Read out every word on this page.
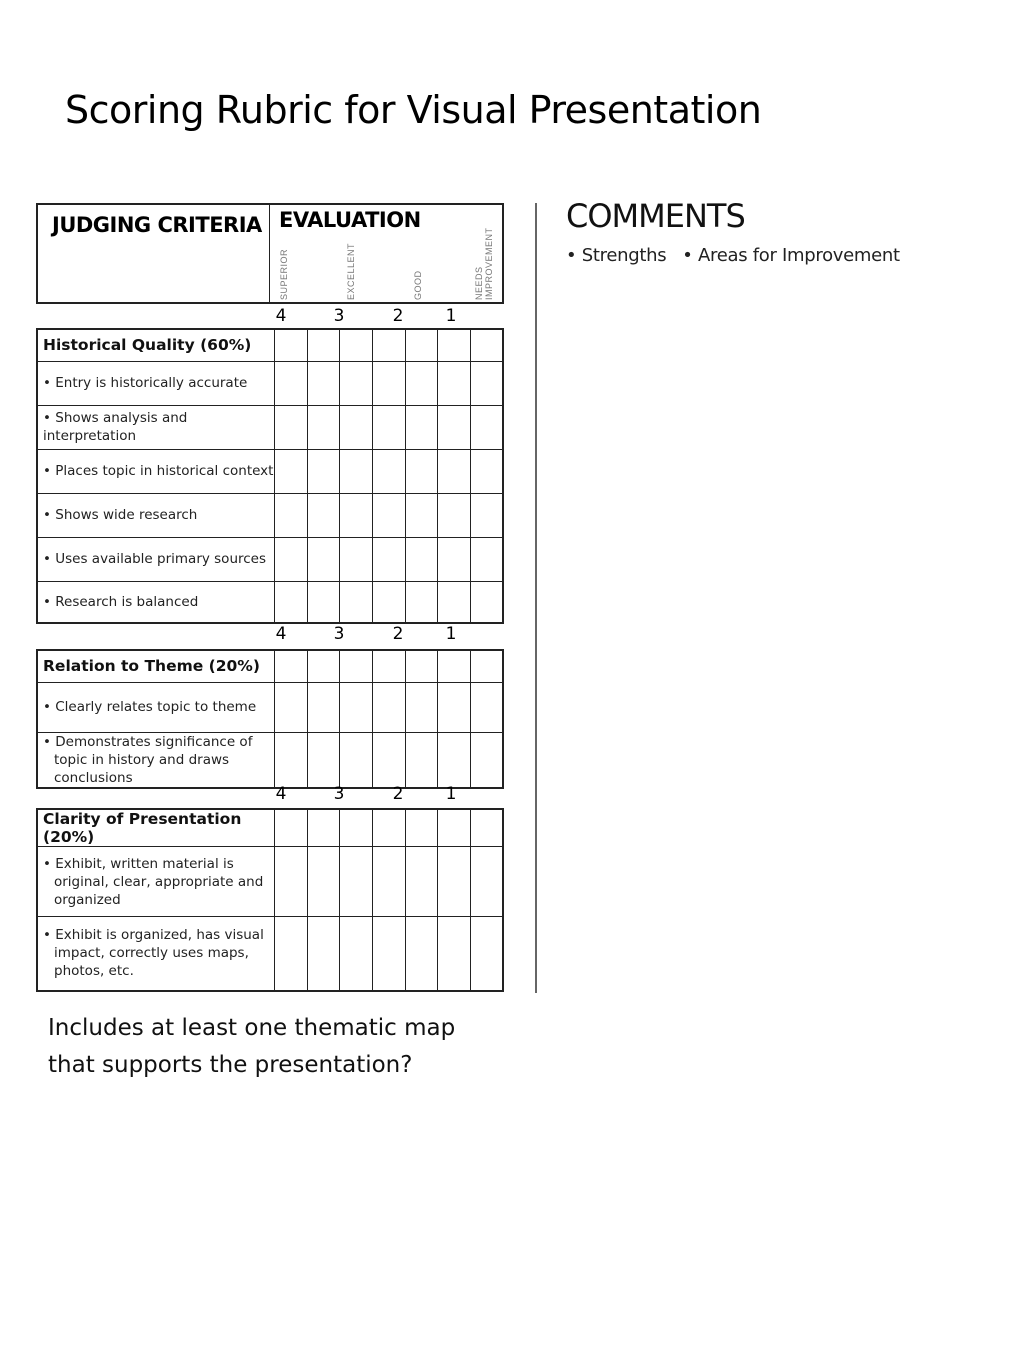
Scoring Rubric for Visual Presentation
JUDGING CRITERIA EVALUATION
SUPERIOR	EXCELLENT	GOOD	NEEDS IMPROVEMENT
4	3	2 1
Historical Quality (60%)							
• Entry is historically accurate							
• Shows analysis and interpretation							
• Places topic in historical context							
• Shows wide research							
• Uses available primary sources							
• Research is balanced							
4	3	2 1
Relation to Theme (20%)							
• Clearly relates topic to theme							

• Demonstrates significance of topic in history and draws conclusions							

4	3	2 1
Clarity of Presentation (20%)							

• Exhibit, written material is original, clear, appropriate and organized							

• Exhibit is organized, has visual impact, correctly uses maps, photos, etc.							

COMMENTS
• Strengths • Areas for Improvement
Includes at least one thematic map that supports the presentation?
